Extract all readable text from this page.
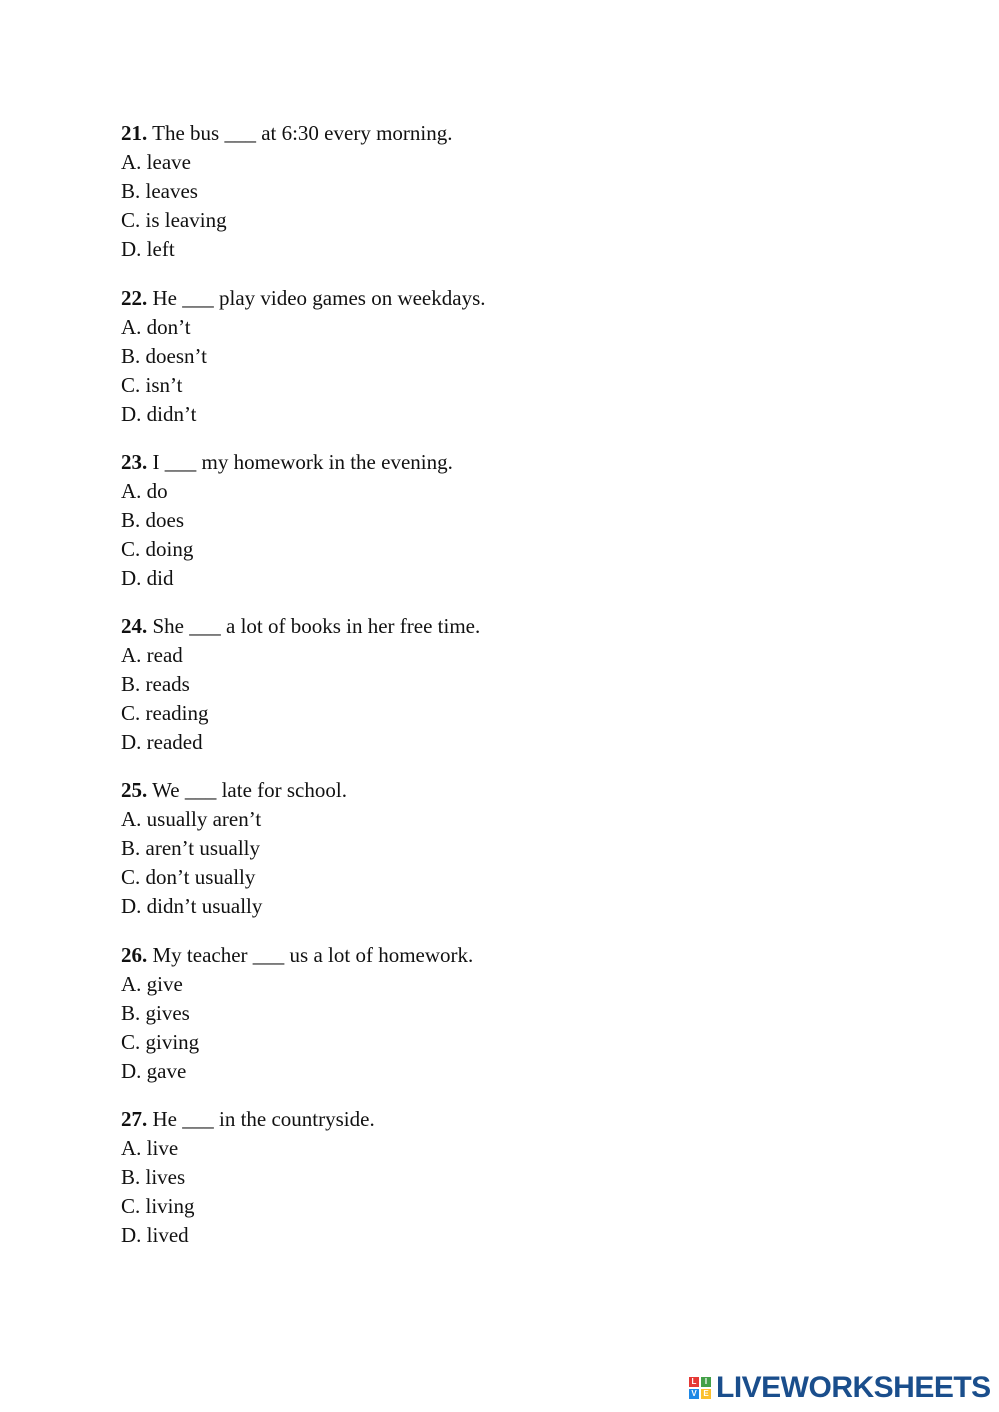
21. The bus ___ at 6:30 every morning.
A. leave
B. leaves
C. is leaving
D. left
22. He ___ play video games on weekdays.
A. don’t
B. doesn’t
C. isn’t
D. didn’t
23. I ___ my homework in the evening.
A. do
B. does
C. doing
D. did
24. She ___ a lot of books in her free time.
A. read
B. reads
C. reading
D. readed
25. We ___ late for school.
A. usually aren’t
B. aren’t usually
C. don’t usually
D. didn’t usually
26. My teacher ___ us a lot of homework.
A. give
B. gives
C. giving
D. gave
27. He ___ in the countryside.
A. live
B. lives
C. living
D. lived
L	I
V E LIVEWORKSHEETS
